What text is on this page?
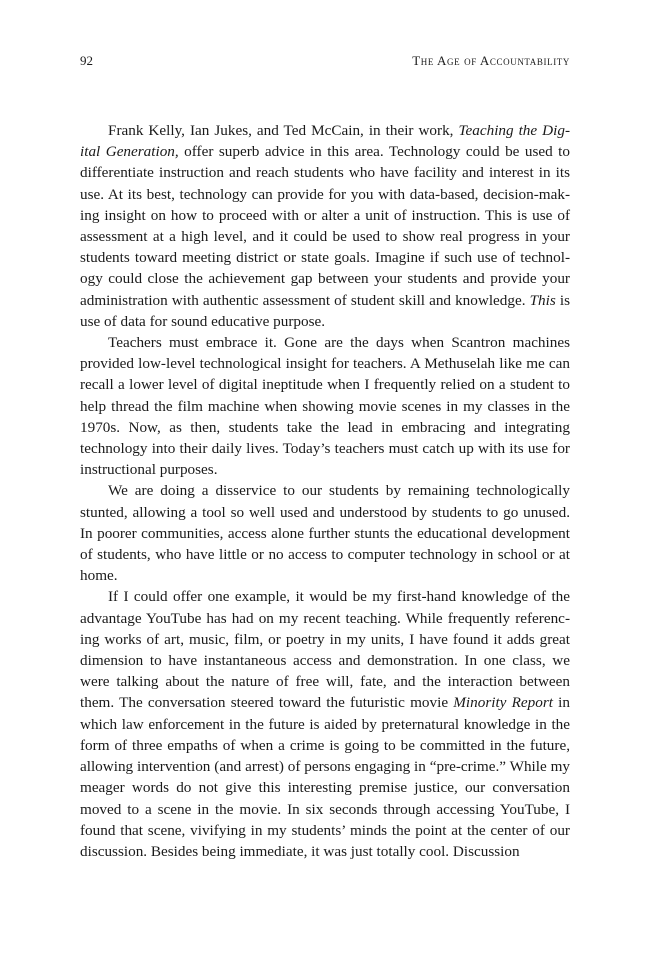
92	The Age of Accountability

Frank Kelly, Ian Jukes, and Ted McCain, in their work, Teaching the Digital Generation, offer superb advice in this area. Technology could be used to differentiate instruction and reach students who have facility and interest in its use. At its best, technology can provide for you with data-based, decision-making insight on how to proceed with or alter a unit of instruction. This is use of assessment at a high level, and it could be used to show real progress in your students toward meeting district or state goals. Imagine if such use of technology could close the achievement gap between your students and provide your administration with authentic assessment of student skill and knowledge. This is use of data for sound educative purpose.

Teachers must embrace it. Gone are the days when Scantron machines provided low-level technological insight for teachers. A Methuselah like me can recall a lower level of digital ineptitude when I frequently relied on a student to help thread the film machine when showing movie scenes in my classes in the 1970s. Now, as then, students take the lead in embracing and integrating technology into their daily lives. Today’s teachers must catch up with its use for instructional purposes.

We are doing a disservice to our students by remaining technologically stunted, allowing a tool so well used and understood by students to go unused. In poorer communities, access alone further stunts the educational development of students, who have little or no access to computer technology in school or at home.

If I could offer one example, it would be my first-hand knowledge of the advantage YouTube has had on my recent teaching. While frequently referencing works of art, music, film, or poetry in my units, I have found it adds great dimension to have instantaneous access and demonstration. In one class, we were talking about the nature of free will, fate, and the interaction between them. The conversation steered toward the futuristic movie Minority Report in which law enforcement in the future is aided by preternatural knowledge in the form of three empaths of when a crime is going to be committed in the future, allowing intervention (and arrest) of persons engaging in “pre-crime.” While my meager words do not give this interesting premise justice, our conversation moved to a scene in the movie. In six seconds through accessing YouTube, I found that scene, vivifying in my students’ minds the point at the center of our discussion. Besides being immediate, it was just totally cool. Discussion
